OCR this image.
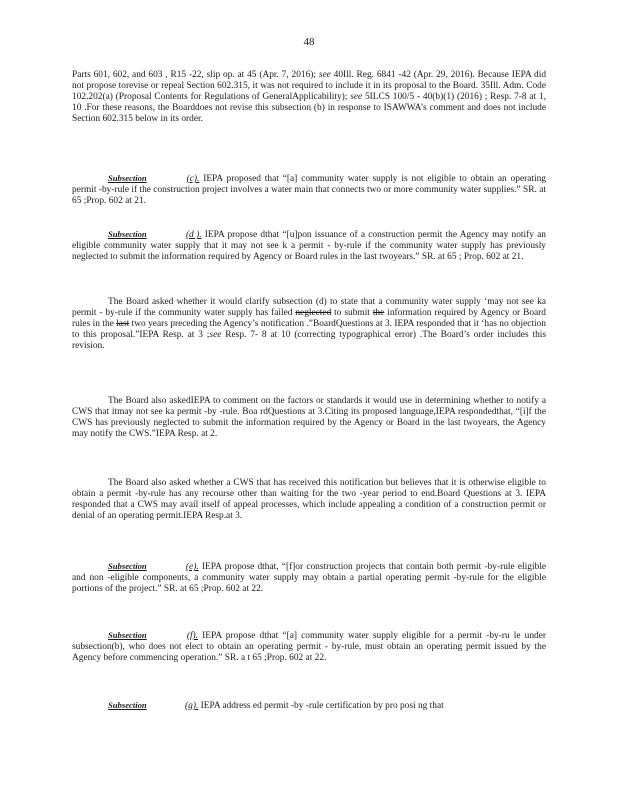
48

Parts 601, 602, and 603 , R15 -22, slip op. at 45 (Apr. 7, 2016); see 40Ill. Reg. 6841 -42 (Apr. 29, 2016). Because IEPA did not propose torevise or repeal Section 602.315, it was not required to include it in its proposal to the Board. 35Ill. Adm. Code 102.202(a) (Proposal Contents for Regulations of GeneralApplicability); see 5ILCS 100/5 - 40(b)(1) (2016) ; Resp. 7-8 at 1, 10 .For these reasons, the Boarddoes not revise this subsection (b) in response to ISAWWA’s comment and does not include Section 602.315 below in its order.

Subsection	(c). IEPA proposed that “[a] community water supply is not eligible to obtain an operating permit -by-rule if the construction project involves a water main that connects two or more community water supplies.” SR. at 65 ;Prop. 602 at 21.

Subsection	(d ). IEPA propose dthat “[u]pon issuance of a construction permit the Agency may notify an eligible community water supply that it may not see k a permit - by-rule if the community water supply has previously neglected to submit the information required by Agency or Board rules in the last twoyears.” SR. at 65 ; Prop. 602 at 21.

The Board asked whether it would clarify subsection (d) to state that a community water supply ‘may not see ka permit - by-rule if the community water supply has failed neglected to submit the information required by Agency or Board rules in the last two years preceding the Agency’s notification .”BoardQuestions at 3. IEPA responded that it ‘has no objection to this proposal.”IEPA Resp. at 3 ;see Resp. 7- 8 at 10 (correcting typographical error) .The Board’s order includes this revision.

The Board also askedIEPA to comment on the factors or standards it would use in determining whether to notify a CWS that itmay not see ka permit -by -rule. Boa rdQuestions at 3.Citing its proposed language,IEPA respondedthat, “[i]f the CWS has previously neglected to submit the information required by the Agency or Board in the last twoyears, the Agency may notify the CWS.”IEPA Resp. at 2.

The Board also asked whether a CWS that has received this notification but believes that it is otherwise eligible to obtain a permit -by-rule has any recourse other than waiting for the two -year period to end.Board Questions at 3. IEPA responded that a CWS may avail itself of appeal processes, which include appealing a condition of a construction permit or denial of an operating permit.IEPA Resp.at 3.

Subsection	(e). IEPA propose dthat, “[f]or construction projects that contain both permit -by-rule eligible and non -eligible components, a community water supply may obtain a partial operating permit -by-rule for the eligible portions of the project.” SR. at 65 ;Prop. 602 at 22.

Subsection	(f). IEPA propose dthat “[a] community water supply eligible for a permit -by-ru le under subsection(b), who does not elect to obtain an operating permit - by-rule, must obtain an operating permit issued by the Agency before commencing operation.” SR. a t 65 ;Prop. 602 at 22.

Subsection	(g). IEPA address ed permit -by -rule certification by pro posi ng that
